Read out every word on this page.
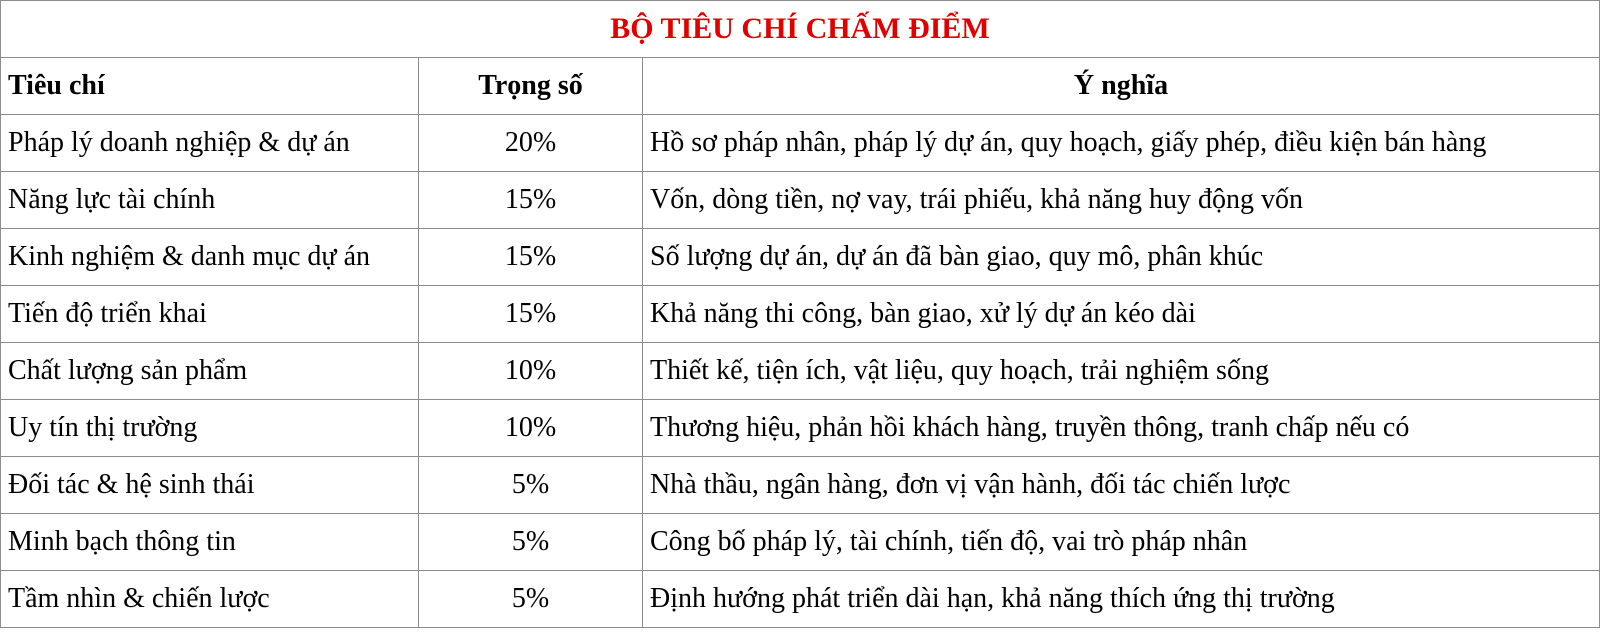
BỘ TIÊU CHÍ CHẤM ĐIỂM		
Tiêu chí	Trọng số	Ý nghĩa
Pháp lý doanh nghiệp & dự án	20%	Hồ sơ pháp nhân, pháp lý dự án, quy hoạch, giấy phép, điều kiện bán hàng
Năng lực tài chính	15%	Vốn, dòng tiền, nợ vay, trái phiếu, khả năng huy động vốn
Kinh nghiệm & danh mục dự án	15%	Số lượng dự án, dự án đã bàn giao, quy mô, phân khúc
Tiến độ triển khai	15%	Khả năng thi công, bàn giao, xử lý dự án kéo dài
Chất lượng sản phẩm	10%	Thiết kế, tiện ích, vật liệu, quy hoạch, trải nghiệm sống
Uy tín thị trường	10%	Thương hiệu, phản hồi khách hàng, truyền thông, tranh chấp nếu có
Đối tác & hệ sinh thái	5%	Nhà thầu, ngân hàng, đơn vị vận hành, đối tác chiến lược
Minh bạch thông tin	5%	Công bố pháp lý, tài chính, tiến độ, vai trò pháp nhân
Tầm nhìn & chiến lược	5%	Định hướng phát triển dài hạn, khả năng thích ứng thị trường
